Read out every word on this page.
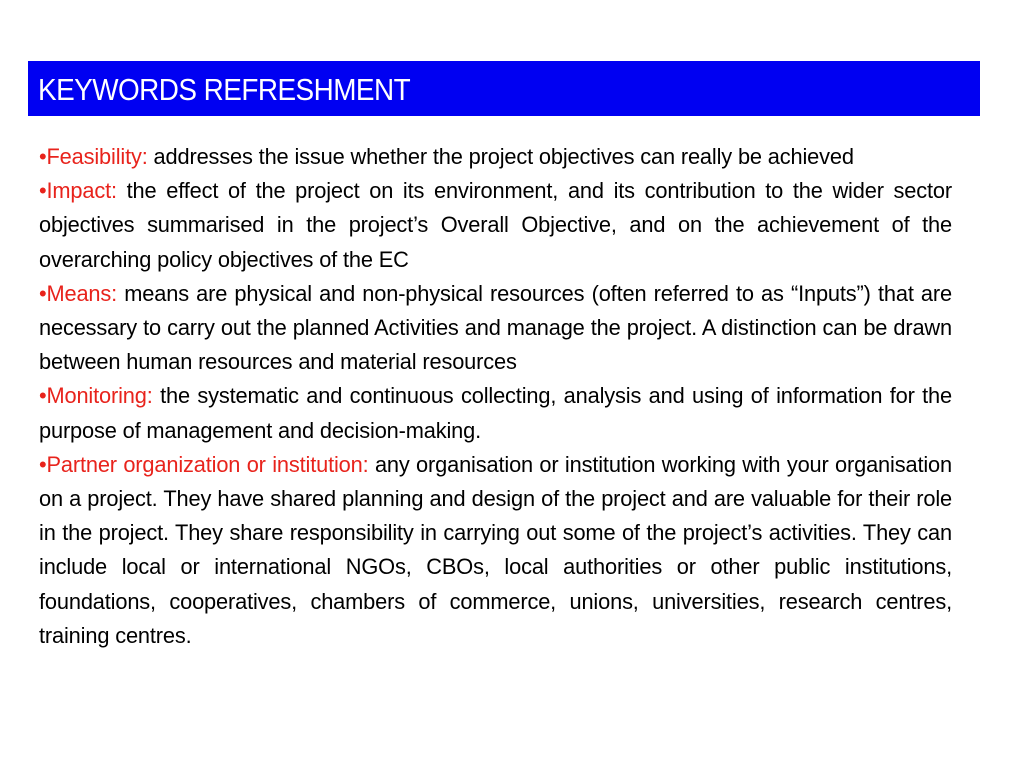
KEYWORDS REFRESHMENT

•Feasibility: addresses the issue whether the project objectives can really be achieved

•Impact: the effect of the project on its environment, and its contribution to the wider sector objectives summarised in the project’s Overall Objective, and on the achievement of the overarching policy objectives of the EC

•Means: means are physical and non-physical resources (often referred to as “Inputs”) that are necessary to carry out the planned Activities and manage the project. A distinction can be drawn between human resources and material resources

•Monitoring: the systematic and continuous collecting, analysis and using of information for the purpose of management and decision-making.

•Partner organization or institution: any organisation or institution working with your organisation on a project. They have shared planning and design of the project and are valuable for their role in the project. They share responsibility in carrying out some of the project’s activities. They can include local or international NGOs, CBOs, local authorities or other public institutions, foundations, cooperatives, chambers of commerce, unions, universities, research centres, training centres.
